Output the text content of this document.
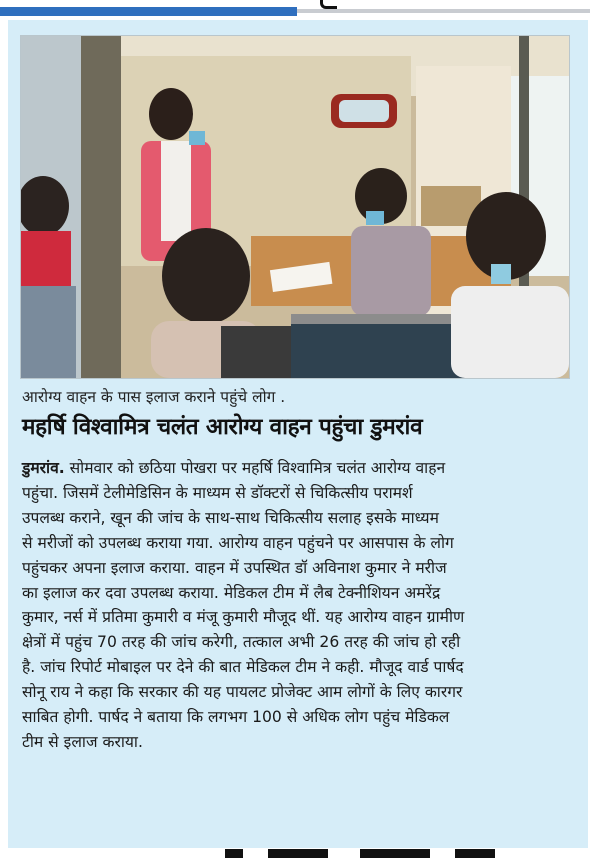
आरोग्य वाहन के पास इलाज कराने पहुंचे लोग .
महर्षि विश्वामित्र चलंत आरोग्य वाहन पहुंचा डुमरांव
डुमरांव. सोमवार को छठिया पोखरा पर महर्षि विश्वामित्र चलंत आरोग्य वाहन
पहुंचा. जिसमें टेलीमेडिसिन के माध्यम से डॉक्टरों से चिकित्सीय परामर्श
उपलब्ध कराने, खून की जांच के साथ-साथ चिकित्सीय सलाह इसके माध्यम
से मरीजों को उपलब्ध कराया गया. आरोग्य वाहन पहुंचने पर आसपास के लोग
पहुंचकर अपना इलाज कराया. वाहन में उपस्थित डॉ अविनाश कुमार ने मरीज
का इलाज कर दवा उपलब्ध कराया. मेडिकल टीम में लैब टेक्नीशियन अमरेंद्र
कुमार, नर्स में प्रतिमा कुमारी व मंजू कुमारी मौजूद थीं. यह आरोग्य वाहन ग्रामीण
क्षेत्रों में पहुंच 70 तरह की जांच करेगी, तत्काल अभी 26 तरह की जांच हो रही
है. जांच रिपोर्ट मोबाइल पर देने की बात मेडिकल टीम ने कही. मौजूद वार्ड पार्षद
सोनू राय ने कहा कि सरकार की यह पायलट प्रोजेक्ट आम लोगों के लिए कारगर
साबित होगी. पार्षद ने बताया कि लगभग 100 से अधिक लोग पहुंच मेडिकल
टीम से इलाज कराया.
